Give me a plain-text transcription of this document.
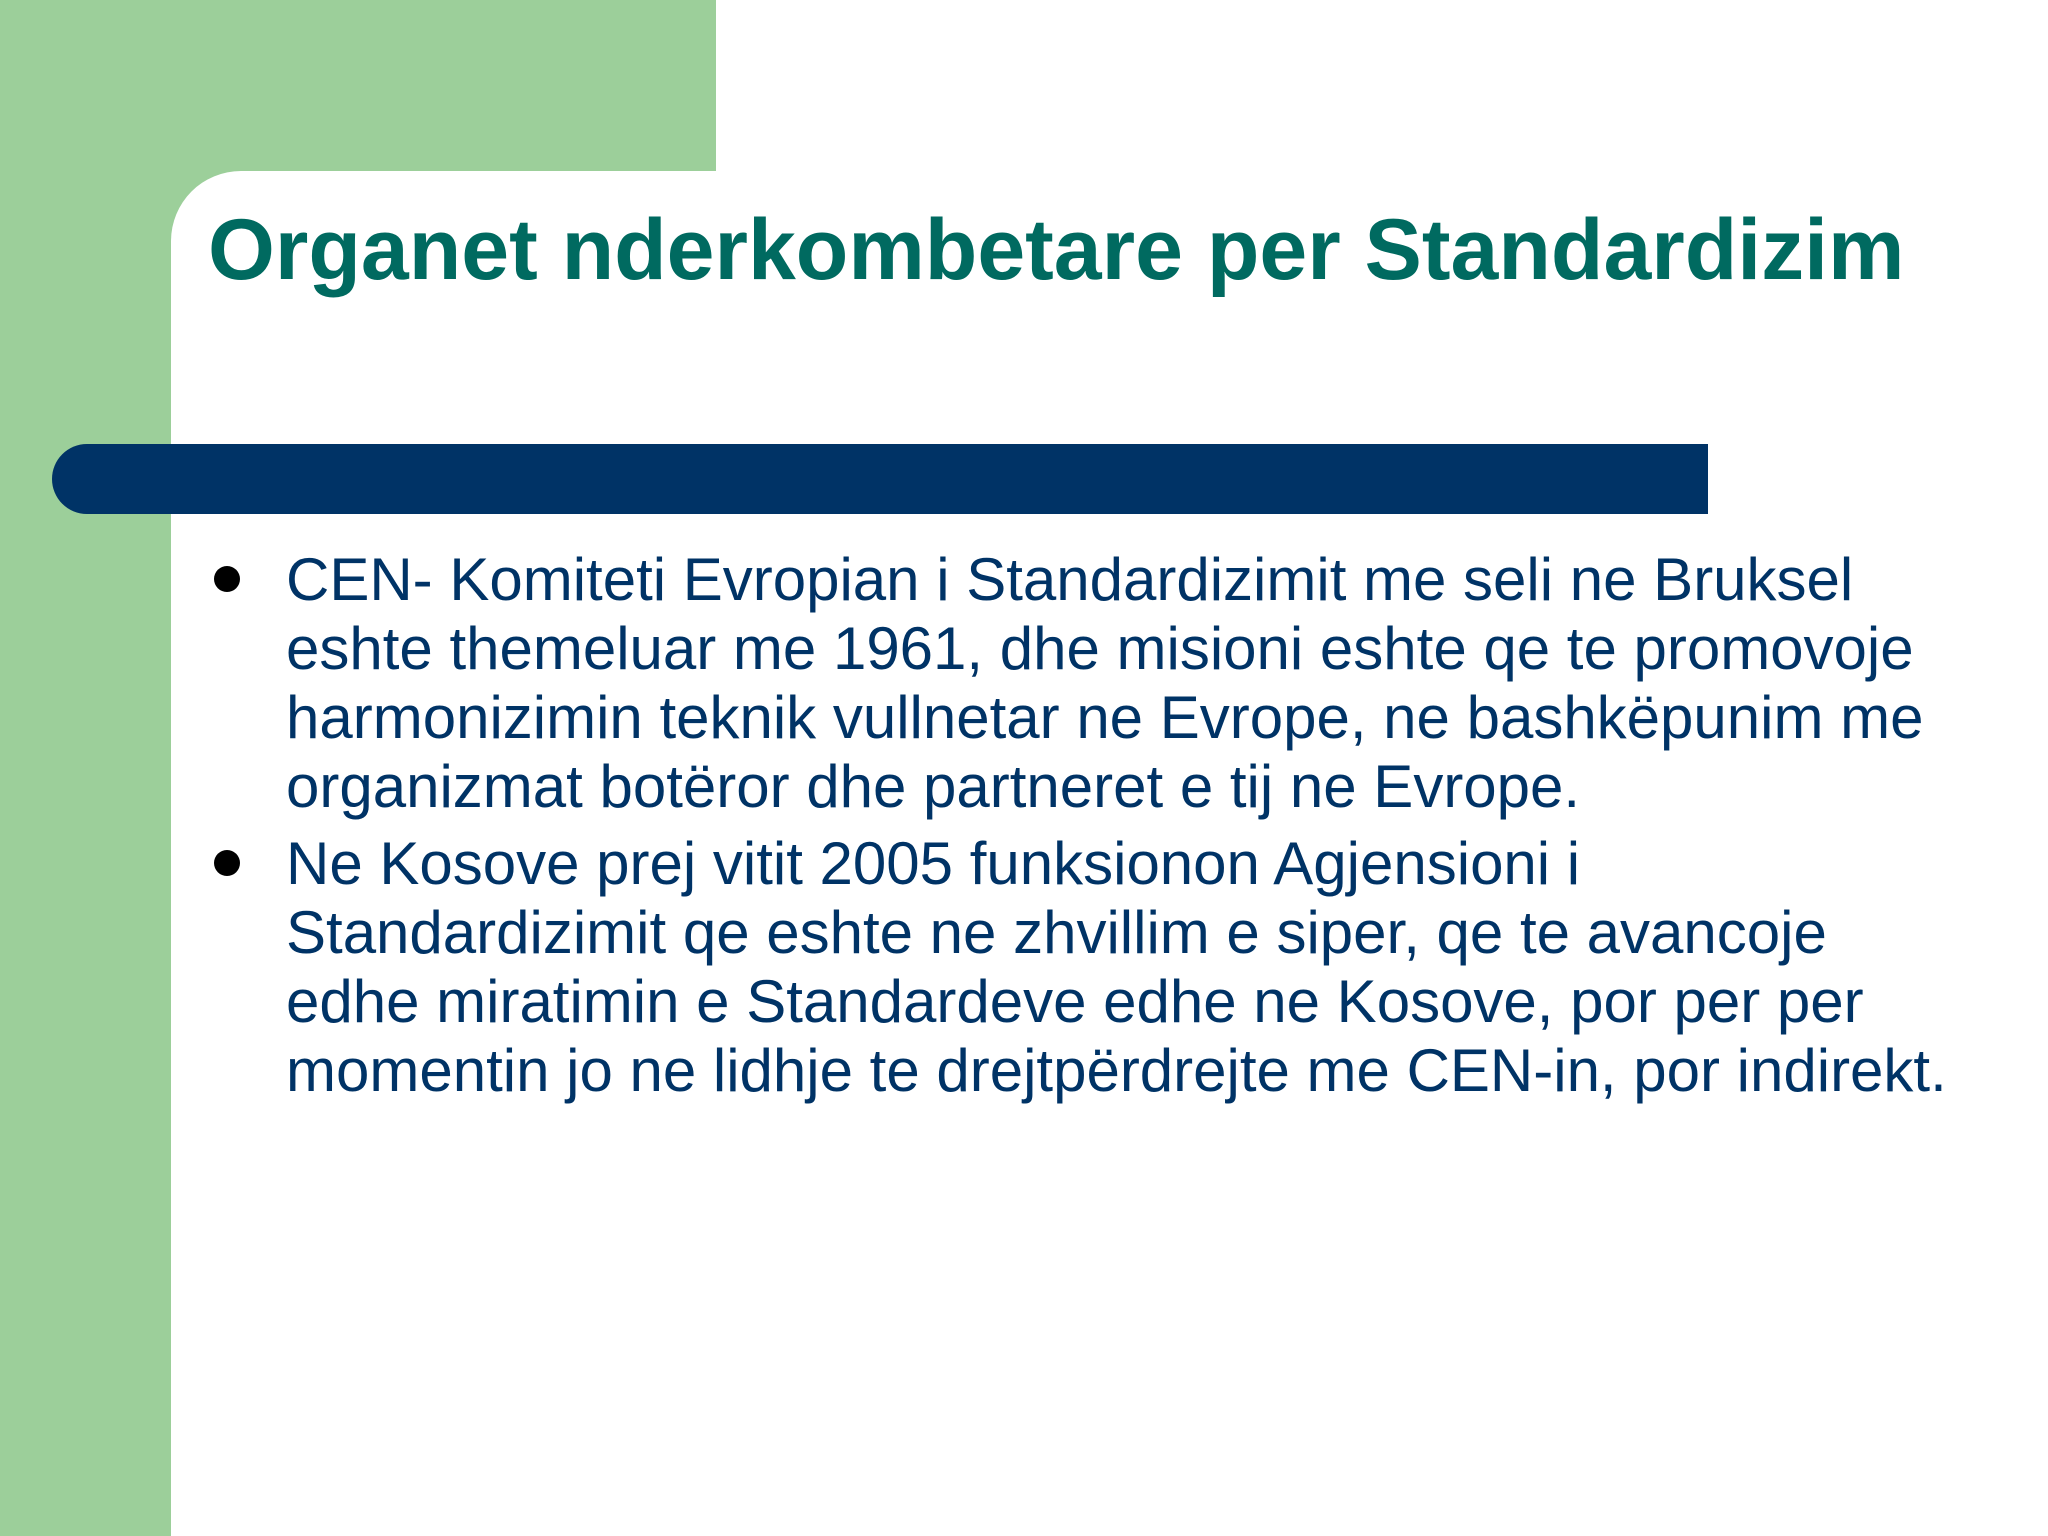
Organet nderkombetare per Standardizim
CEN- Komiteti Evropian i Standardizimit me seli ne Bruksel eshte themeluar me 1961, dhe misioni eshte qe te promovoje harmonizimin teknik vullnetar ne Evrope, ne bashkëpunim me organizmat botëror dhe partneret e tij ne Evrope.
Ne Kosove prej vitit 2005 funksionon Agjensioni i Standardizimit qe eshte ne zhvillim e siper, qe te avancoje edhe miratimin e Standardeve edhe ne Kosove, por per per momentin jo ne lidhje te drejtpërdrejte me CEN-in, por indirekt.
